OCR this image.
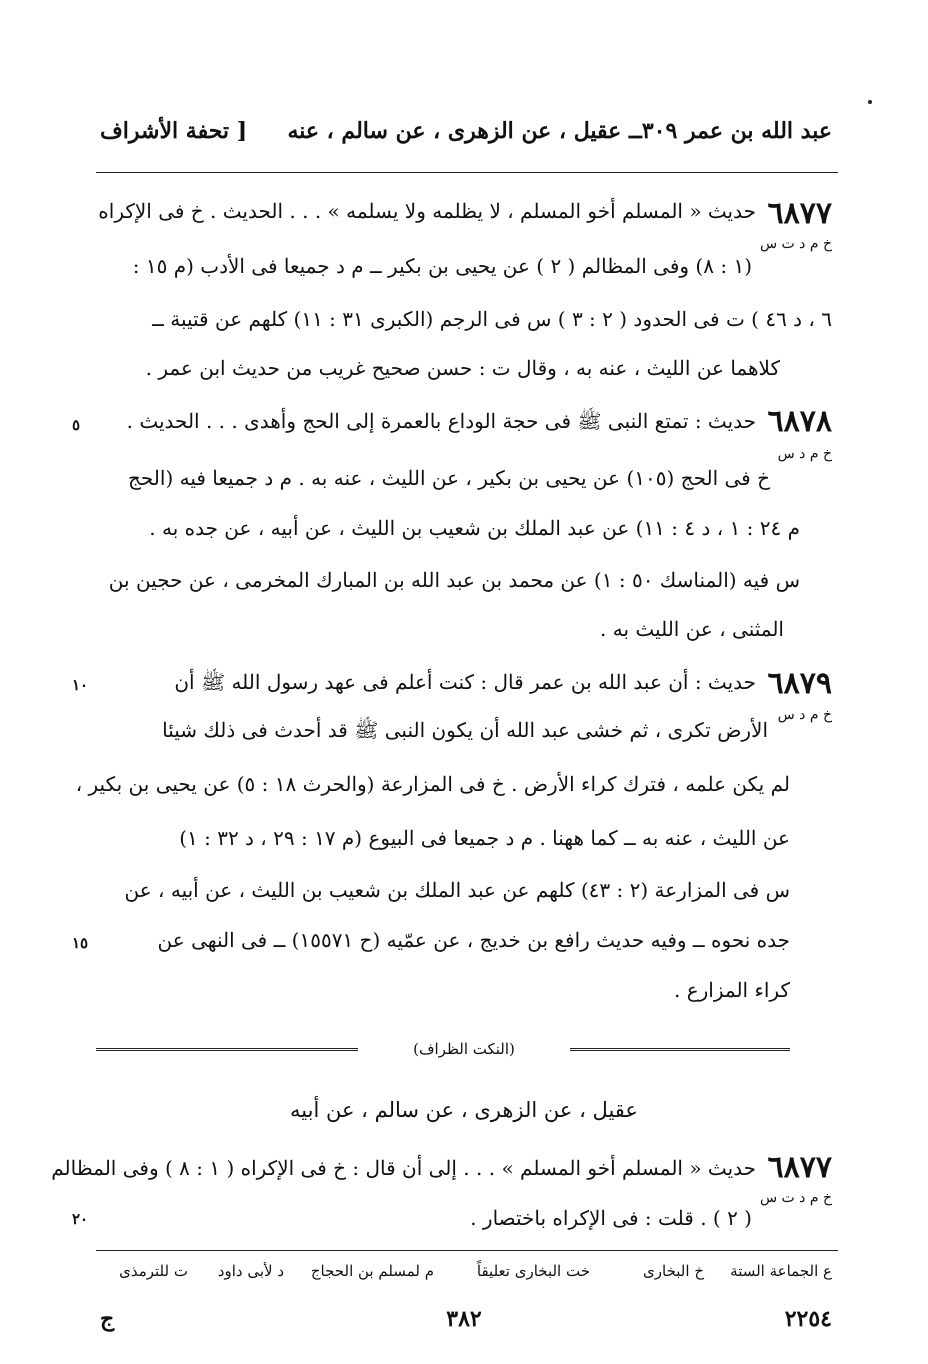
عبد الله بن عمر ٣٠٩ــ عقيل ، عن الزهرى ، عن سالم ، عنه
[ تحفة الأشراف
٦٨٧٧
خ م د ت س
حديث « المسلم أخو المسلم ، لا يظلمه ولا يسلمه » . . . الحديث . خ فى الإكراه
(١ : ٨) وفى المظالم ( ٢ ) عن يحيى بن بكير ــ م د جميعا فى الأدب (م ١٥ :
٦ ، د ٤٦ ) ت فى الحدود ( ٢ : ٣ ) س فى الرجم (الكبرى ٣١ : ١١) كلهم عن قتيبة ــ
كلاهما عن الليث ، عنه به ، وقال ت : حسن صحيح غريب من حديث ابن عمر .
٦٨٧٨
خ م د س
حديث : تمتع النبى ﷺ فى حجة الوداع بالعمرة إلى الحج وأهدى . . . الحديث .
خ فى الحج (١٠٥) عن يحيى بن بكير ، عن الليث ، عنه به . م د جميعا فيه (الحج
م ٢٤ : ١ ، د ٤ : ١١) عن عبد الملك بن شعيب بن الليث ، عن أبيه ، عن جده به .
س فيه (المناسك ٥٠ : ١) عن محمد بن عبد الله بن المبارك المخرمى ، عن حجين بن
المثنى ، عن الليث به .
٦٨٧٩
خ م د س
حديث : أن عبد الله بن عمر قال : كنت أعلم فى عهد رسول الله ﷺ أن
الأرض تكرى ، ثم خشى عبد الله أن يكون النبى ﷺ قد أحدث فى ذلك شيئا
لم يكن علمه ، فترك كراء الأرض . خ فى المزارعة (والحرث ١٨ : ٥) عن يحيى بن بكير ،
عن الليث ، عنه به ــ كما ههنا . م د جميعا فى البيوع (م ١٧ : ٢٩ ، د ٣٢ : ١)
س فى المزارعة (٢ : ٤٣) كلهم عن عبد الملك بن شعيب بن الليث ، عن أبيه ، عن
جده نحوه ــ وفيه حديث رافع بن خديج ، عن عمّيه (ح ١٥٥٧١) ــ فى النهى عن
كراء المزارع .
٥
١٠
١٥
٢٠
(النكت الظراف)
عقيل ، عن الزهرى ، عن سالم ، عن أبيه
٦٨٧٧
خ م د ت س
حديث « المسلم أخو المسلم » . . . إلى أن قال : خ فى الإكراه ( ١ : ٨ ) وفى المظالم
( ٢ ) . قلت : فى الإكراه باختصار .
ع الجماعة الستة
خ البخارى
خت البخارى تعليقاً
م لمسلم بن الحجاج
د لأبى داود
ت للترمذى
٢٢٥٤
٣٨٢
ج
